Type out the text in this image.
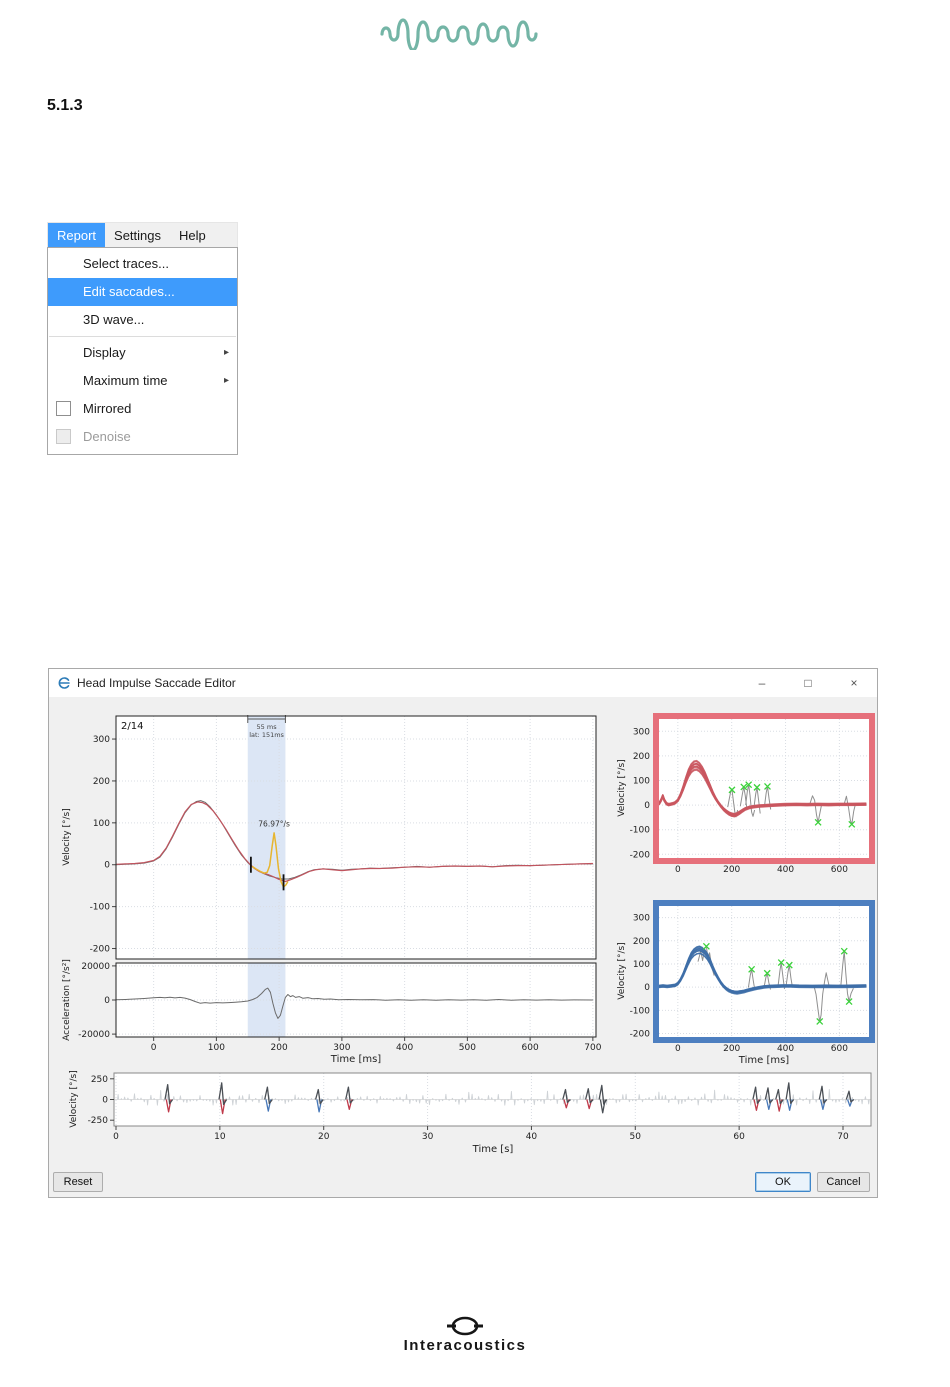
5.1.3
Report	Settings	Help
Select traces...
Edit saccades...
3D wave...
Display	▸
Maximum time	▸
Mirrored
Denoise
Head Impulse Saccade Editor	–	□	×
300
200
100
0
-100
-200
76.97°/s
55 ms
lat: 151ms
2/14
Velocity [°/s]
20000
0
-20000
0	100	200	300	400	500	600	700
Time [ms]
Acceleration [°/s²]
300
200
100
0
-100
-200
0	200	400	600
Velocity [°/s]
300
200
100
0
-100
-200
0	200	400	600
Time [ms]
Velocity [°/s]
250
0
-250
0	10	20	30	40	50	60	70
Time [s]
Velocity [°/s]
Reset	OK	Cancel
Interacoustics
